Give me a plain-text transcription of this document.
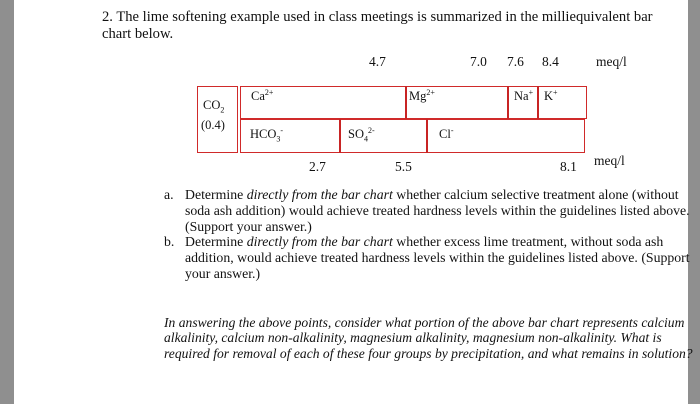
2. The lime softening example used in class meetings is summarized in the milliequivalent bar chart below.
4.7	7.0 7.6 8.4	meq/l
$CO_2$
(0.4)
$Ca^{2+}$	$Mg^{2+}$	Na+ K+
$HCO_3^-$	$SO_4^{2-}$	Cl-
2.7	5.5	8.1 meq/l
a. Determine directly from the bar chart whether calcium selective treatment alone (without soda ash addition) would achieve treated hardness levels within the guidelines listed above. (Support your answer.)
b. Determine directly from the bar chart whether excess lime treatment, without soda ash addition, would achieve treated hardness levels within the guidelines listed above. (Support your answer.)
In answering the above points, consider what portion of the above bar chart represents calcium alkalinity, calcium non-alkalinity, magnesium alkalinity, magnesium non-alkalinity. What is required for removal of each of these four groups by precipitation, and what remains in solution?
